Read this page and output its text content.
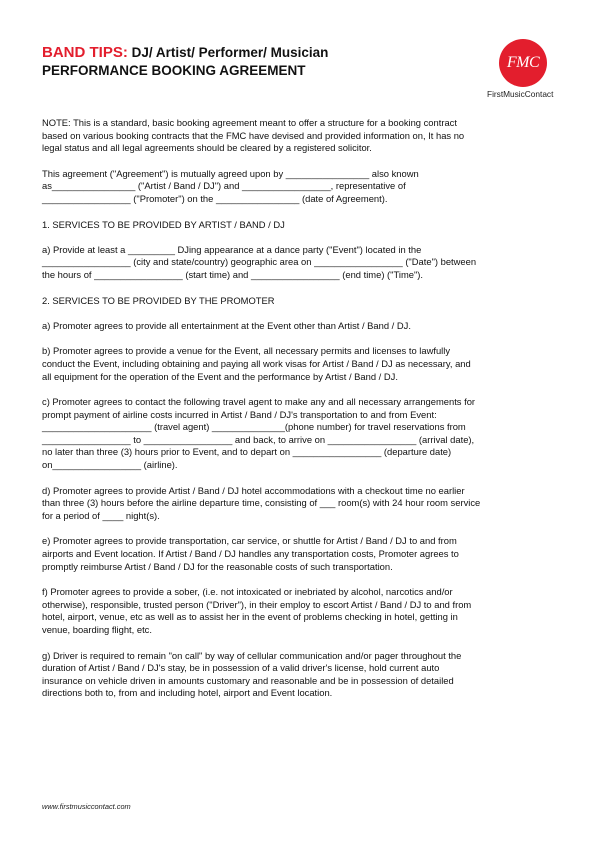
BAND TIPS: DJ/ Artist/ Performer/ Musician
PERFORMANCE BOOKING AGREEMENT	FMC
FirstMusicContact

NOTE: This is a standard, basic booking agreement meant to offer a structure for a booking contract
based on various booking contracts that the FMC have devised and provided information on, It has no
legal status and all legal agreements should be cleared by a registered solicitor.

This agreement ("Agreement") is mutually agreed upon by ________________ also known
as________________ ("Artist / Band / DJ") and _________________, representative of
_________________ ("Promoter") on the ________________ (date of Agreement).

1. SERVICES TO BE PROVIDED BY ARTIST / BAND / DJ

a) Provide at least a _________ DJing appearance at a dance party ("Event") located in the
_________________ (city and state/country) geographic area on _________________ ("Date") between
the hours of _________________ (start time) and _________________ (end time) ("Time").

2. SERVICES TO BE PROVIDED BY THE PROMOTER

a) Promoter agrees to provide all entertainment at the Event other than Artist / Band / DJ.

b) Promoter agrees to provide a venue for the Event, all necessary permits and licenses to lawfully
conduct the Event, including obtaining and paying all work visas for Artist / Band / DJ as necessary, and
all equipment for the operation of the Event and the performance by Artist / Band / DJ.

c) Promoter agrees to contact the following travel agent to make any and all necessary arrangements for
prompt payment of airline costs incurred in Artist / Band / DJ's transportation to and from Event:
_____________________ (travel agent) ______________(phone number) for travel reservations from
_________________ to _________________ and back, to arrive on _________________ (arrival date),
no later than three (3) hours prior to Event, and to depart on _________________ (departure date)
on_________________ (airline).

d) Promoter agrees to provide Artist / Band / DJ hotel accommodations with a checkout time no earlier
than three (3) hours before the airline departure time, consisting of ___ room(s) with 24 hour room service
for a period of ____ night(s).

e) Promoter agrees to provide transportation, car service, or shuttle for Artist / Band / DJ to and from
airports and Event location. If Artist / Band / DJ handles any transportation costs, Promoter agrees to
promptly reimburse Artist / Band / DJ for the reasonable costs of such transportation.

f) Promoter agrees to provide a sober, (i.e. not intoxicated or inebriated by alcohol, narcotics and/or
otherwise), responsible, trusted person ("Driver"), in their employ to escort Artist / Band / DJ to and from
hotel, airport, venue, etc as well as to assist her in the event of problems checking in hotel, getting in
venue, boarding flight, etc.

g) Driver is required to remain "on call" by way of cellular communication and/or pager throughout the
duration of Artist / Band / DJ's stay, be in possession of a valid driver's license, hold current auto
insurance on vehicle driven in amounts customary and reasonable and be in possession of detailed
directions both to, from and including hotel, airport and Event location.

www.firstmusiccontact.com
